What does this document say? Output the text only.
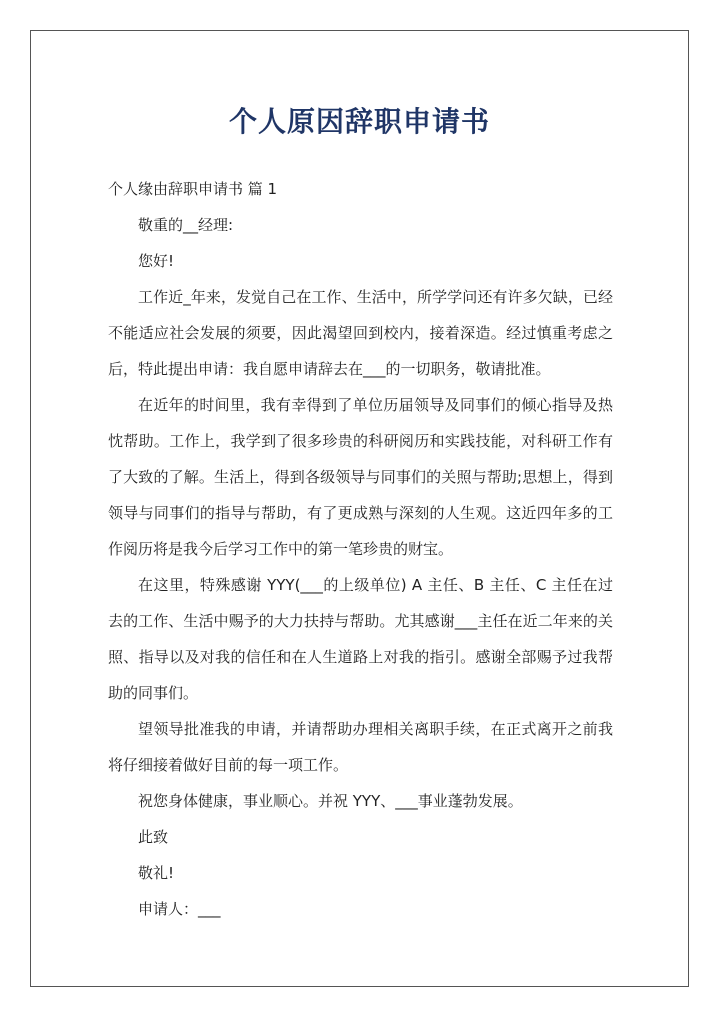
个人原因辞职申请书

个人缘由辞职申请书 篇 1

敬重的__经理:

您好!

工作近_年来，发觉自己在工作、生活中，所学学问还有许多欠缺，已经不能适应社会发展的须要，因此渴望回到校内，接着深造。经过慎重考虑之后，特此提出申请：我自愿申请辞去在___的一切职务，敬请批准。

在近年的时间里，我有幸得到了单位历届领导及同事们的倾心指导及热忱帮助。工作上，我学到了很多珍贵的科研阅历和实践技能，对科研工作有了大致的了解。生活上，得到各级领导与同事们的关照与帮助;思想上，得到领导与同事们的指导与帮助，有了更成熟与深刻的人生观。这近四年多的工作阅历将是我今后学习工作中的第一笔珍贵的财宝。

在这里，特殊感谢 YYY(___的上级单位) A 主任、B 主任、C 主任在过去的工作、生活中赐予的大力扶持与帮助。尤其感谢___主任在近二年来的关照、指导以及对我的信任和在人生道路上对我的指引。感谢全部赐予过我帮助的同事们。

望领导批准我的申请，并请帮助办理相关离职手续，在正式离开之前我将仔细接着做好目前的每一项工作。

祝您身体健康，事业顺心。并祝 YYY、___事业蓬勃发展。

此致

敬礼!

申请人：___
